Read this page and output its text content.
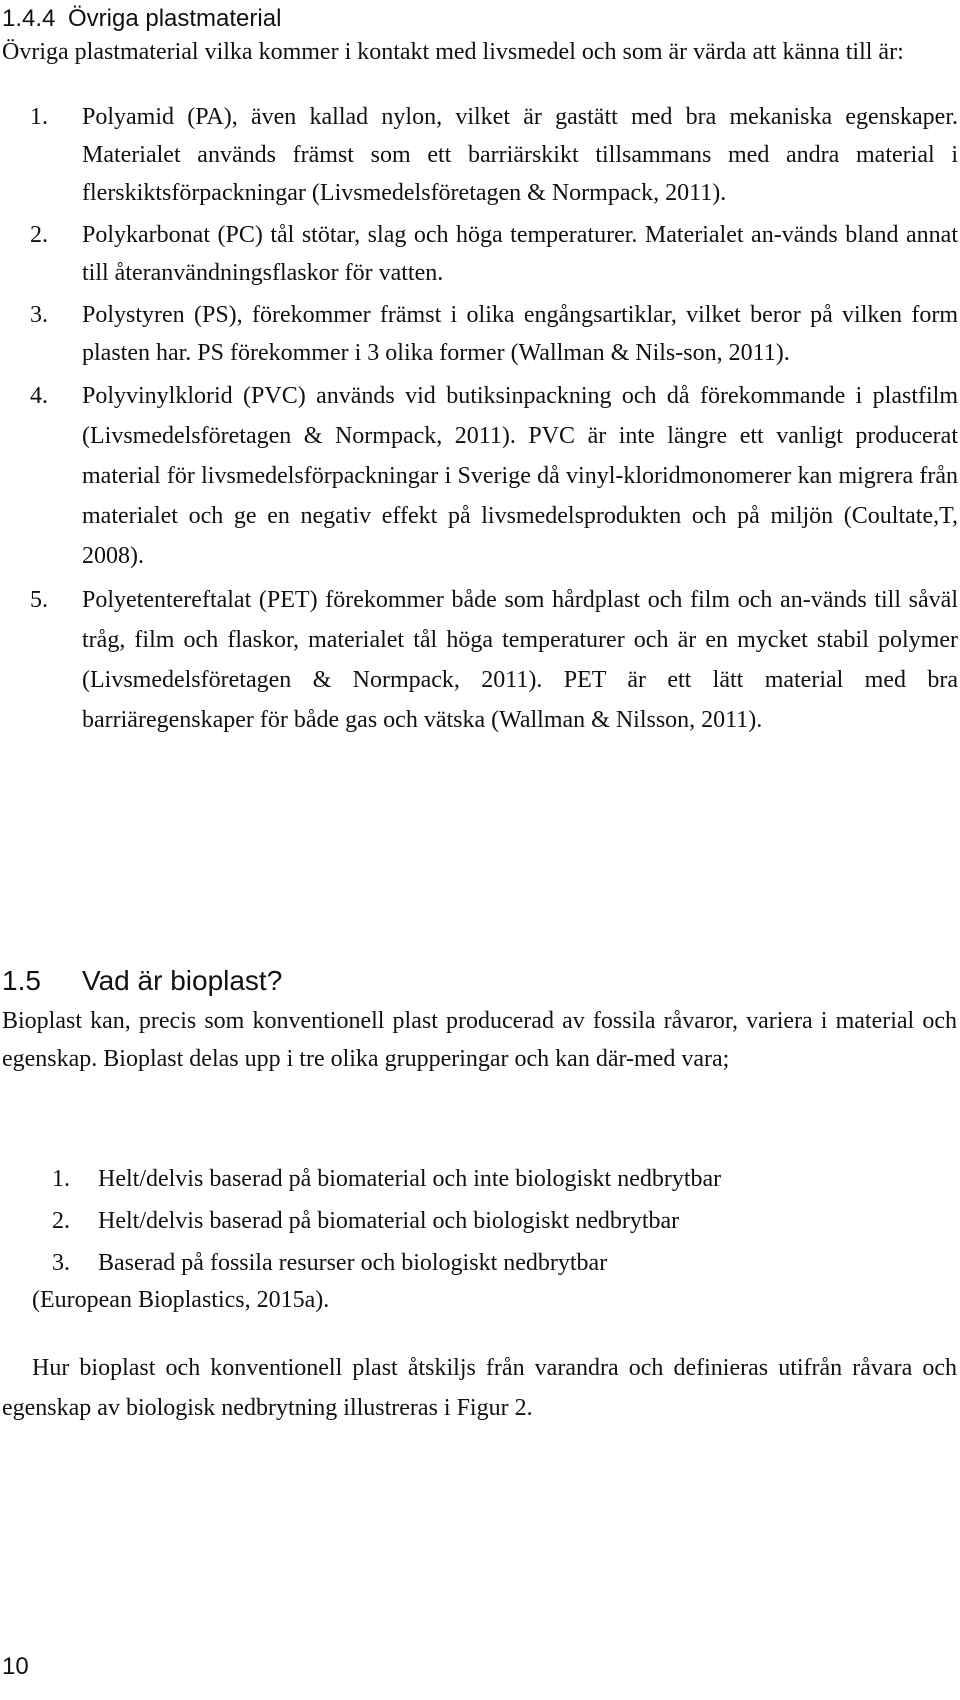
1.4.4 Övriga plastmaterial

Övriga plastmaterial vilka kommer i kontakt med livsmedel och som är värda att känna till är:

1. Polyamid (PA), även kallad nylon, vilket är gastätt med bra mekaniska egenskaper. Materialet används främst som ett barriärskikt tillsammans med andra material i flerskiktsförpackningar (Livsmedelsföretagen & Normpack, 2011).
2. Polykarbonat (PC) tål stötar, slag och höga temperaturer. Materialet an-vänds bland annat till återanvändningsflaskor för vatten.
3. Polystyren (PS), förekommer främst i olika engångsartiklar, vilket beror på vilken form plasten har. PS förekommer i 3 olika former (Wallman & Nils-son, 2011).
4. Polyvinylklorid (PVC) används vid butiksinpackning och då förekommande i plastfilm (Livsmedelsföretagen & Normpack, 2011). PVC är inte längre ett vanligt producerat material för livsmedelsförpackningar i Sverige då vinyl-kloridmonomerer kan migrera från materialet och ge en negativ effekt på livsmedelsprodukten och på miljön (Coultate,T, 2008).
5. Polyetentereftalat (PET) förekommer både som hårdplast och film och an-vänds till såväl tråg, film och flaskor, materialet tål höga temperaturer och är en mycket stabil polymer (Livsmedelsföretagen & Normpack, 2011). PET är ett lätt material med bra barriäregenskaper för både gas och vätska (Wallman & Nilsson, 2011).
1.5 Vad är bioplast?

Bioplast kan, precis som konventionell plast producerad av fossila råvaror, variera i material och egenskap. Bioplast delas upp i tre olika grupperingar och kan där-med vara;

1. Helt/delvis baserad på biomaterial och inte biologiskt nedbrytbar
2. Helt/delvis baserad på biomaterial och biologiskt nedbrytbar
3. Baserad på fossila resurser och biologiskt nedbrytbar
(European Bioplastics, 2015a).

Hur bioplast och konventionell plast åtskiljs från varandra och definieras utifrån råvara och egenskap av biologisk nedbrytning illustreras i Figur 2.

10
